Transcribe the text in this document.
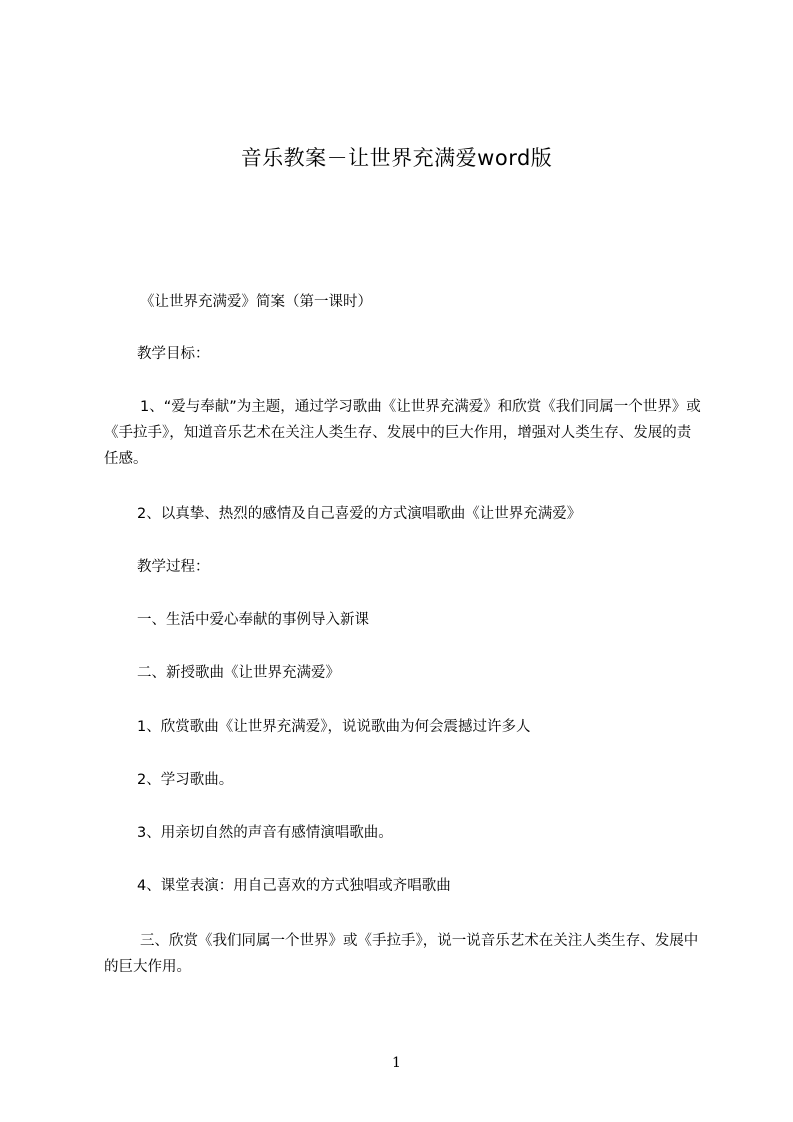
音乐教案－让世界充满爱word版
《让世界充满爱》简案（第一课时）
教学目标：
1、“爱与奉献”为主题，通过学习歌曲《让世界充满爱》和欣赏《我们同属一个世界》或《手拉手》，知道音乐艺术在关注人类生存、发展中的巨大作用，增强对人类生存、发展的责任感。
2、以真挚、热烈的感情及自己喜爱的方式演唱歌曲《让世界充满爱》
教学过程：
一、生活中爱心奉献的事例导入新课
二、新授歌曲《让世界充满爱》
1、欣赏歌曲《让世界充满爱》，说说歌曲为何会震撼过许多人
2、学习歌曲。
3、用亲切自然的声音有感情演唱歌曲。
4、课堂表演：用自己喜欢的方式独唱或齐唱歌曲
三、欣赏《我们同属一个世界》或《手拉手》，说一说音乐艺术在关注人类生存、发展中的巨大作用。
1
